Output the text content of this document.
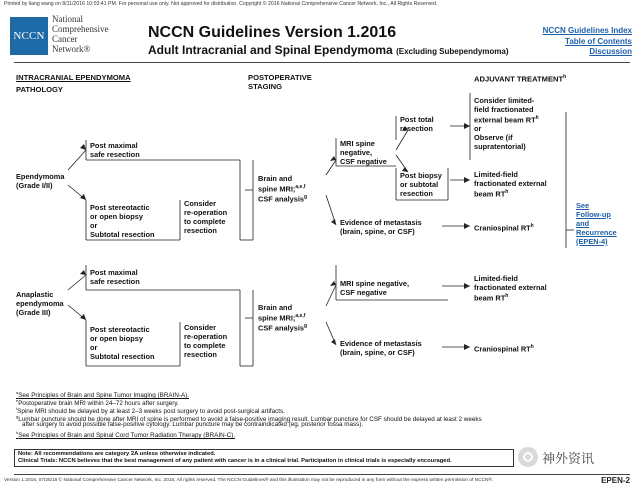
Printed by liang wang on 8/11/2016 10:03:41 PM. For personal use only. Not approved for distribution. Copyright © 2016 National Comprehensive Cancer Network, Inc., All Rights Reserved.
NCCN
National
Comprehensive
Cancer
Network®
NCCN Guidelines Version 1.2016
Adult Intracranial and Spinal Ependymoma (Excluding Subependymoma)
NCCN Guidelines Index
Table of Contents
Discussion
INTRACRANIAL EPENDYMOMA
PATHOLOGY
POSTOPERATIVE
STAGING
ADJUVANT TREATMENT$^h$
Ependymoma
(Grade I/II)
Anaplastic
ependymoma
(Grade III)
Post maximal
safe resection
Post stereotactic
or open biopsy
or
Subtotal resection
Consider
re-operation
to complete
resection
Brain and
spine MRI;$^{a,e,f}$
CSF analysis$^g$
MRI spine
negative,
CSF negative
Post total
resection
Post biopsy
or subtotal
resection
Evidence of metastasis
(brain, spine, or CSF)
Consider limited-
field fractionated
external beam $RT^h$
or
Observe (if
supratentorial)
Limited-field
fractionated external
beam $RT^h$
Craniospinal $RT^h$
See
Follow-up
and
Recurrence
(EPEN-4)
Post maximal
safe resection
Post stereotactic
or open biopsy
or
Subtotal resection
Consider
re-operation
to complete
resection
Brain and
spine MRI;$^{a,e,f}$
CSF analysis$^g$
MRI spine negative,
CSF negative
Evidence of metastasis
(brain, spine, or CSF)
Limited-field
fractionated external
beam $RT^h$
Craniospinal $RT^h$
$^a$See Principles of Brain and Spine Tumor Imaging (BRAIN-A).
$^e$Postoperative brain MRI within 24–72 hours after surgery.
$^f$Spine MRI should be delayed by at least 2–3 weeks post surgery to avoid post-surgical artifacts.
$^g$Lumbar puncture should be done after MRI of spine is performed to avoid a false-positive imaging result. Lumbar puncture for CSF should be delayed at least 2 weeks
after surgery to avoid possible false-positive cytology. Lumbar puncture may be contraindicated (eg, posterior fossa mass).
$^h$See Principles of Brain and Spinal Cord Tumor Radiation Therapy (BRAIN-C).
Note: All recommendations are category 2A unless otherwise indicated.
Clinical Trials: NCCN believes that the best management of any patient with cancer is in a clinical trial. Participation in clinical trials is especially encouraged.	神外资讯
Version 1.2016, 07/25/16 © National Comprehensive Cancer Network, Inc. 2016, All rights reserved. The NCCN Guidelines® and this illustration may not be reproduced in any form without the express written permission of NCCN®.	EPEN-2
